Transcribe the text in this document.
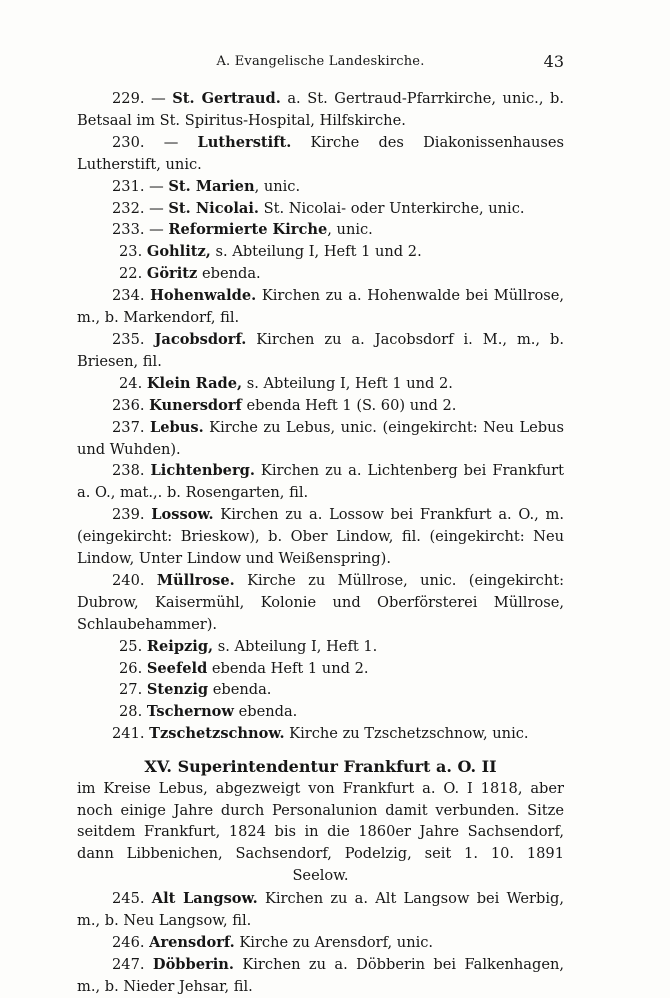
A. Evangelische Landeskirche.	43

229. — St. Gertraud. a. St. Gertraud-Pfarrkirche, unic., b. Betsaal im St. Spiritus-Hospital, Hilfskirche.

230. — Lutherstift. Kirche des Diakonissenhauses Lutherstift, unic.

231. — St. Marien, unic.

232. — St. Nicolai. St. Nicolai- oder Unterkirche, unic.

233. — Reformierte Kirche, unic.

23. Gohlitz, s. Abteilung I, Heft 1 und 2.

22. Göritz ebenda.

234. Hohenwalde. Kirchen zu a. Hohenwalde bei Müllrose, m., b. Markendorf, fil.

235. Jacobsdorf. Kirchen zu a. Jacobsdorf i. M., m., b. Briesen, fil.

24. Klein Rade, s. Abteilung I, Heft 1 und 2.

236. Kunersdorf ebenda Heft 1 (S. 60) und 2.

237. Lebus. Kirche zu Lebus, unic. (eingekircht: Neu Lebus und Wuhden).

238. Lichtenberg. Kirchen zu a. Lichtenberg bei Frankfurt a. O., mat.,. b. Rosengarten, fil.

239. Lossow. Kirchen zu a. Lossow bei Frankfurt a. O., m. (eingekircht: Brieskow), b. Ober Lindow, fil. (eingekircht: Neu Lindow, Unter Lindow und Weißenspring).

240. Müllrose. Kirche zu Müllrose, unic. (eingekircht: Dubrow, Kaisermühl, Kolonie und Oberförsterei Müllrose, Schlaubehammer).

25. Reipzig, s. Abteilung I, Heft 1.

26. Seefeld ebenda Heft 1 und 2.

27. Stenzig ebenda.

28. Tschernow ebenda.

241. Tzschetzschnow. Kirche zu Tzschetzschnow, unic.

XV. Superintendentur Frankfurt a. O. II

im Kreise Lebus, abgezweigt von Frankfurt a. O. I 1818, aber noch einige Jahre durch Personalunion damit verbunden. Sitze seitdem Frankfurt, 1824 bis in die 1860er Jahre Sachsendorf, dann Libbenichen, Sachsendorf, Podelzig, seit 1. 10. 1891 Seelow.

245. Alt Langsow. Kirchen zu a. Alt Langsow bei Werbig, m., b. Neu Langsow, fil.

246. Arensdorf. Kirche zu Arensdorf, unic.

247. Döbberin. Kirchen zu a. Döbberin bei Falkenhagen, m., b. Nieder Jehsar, fil.
